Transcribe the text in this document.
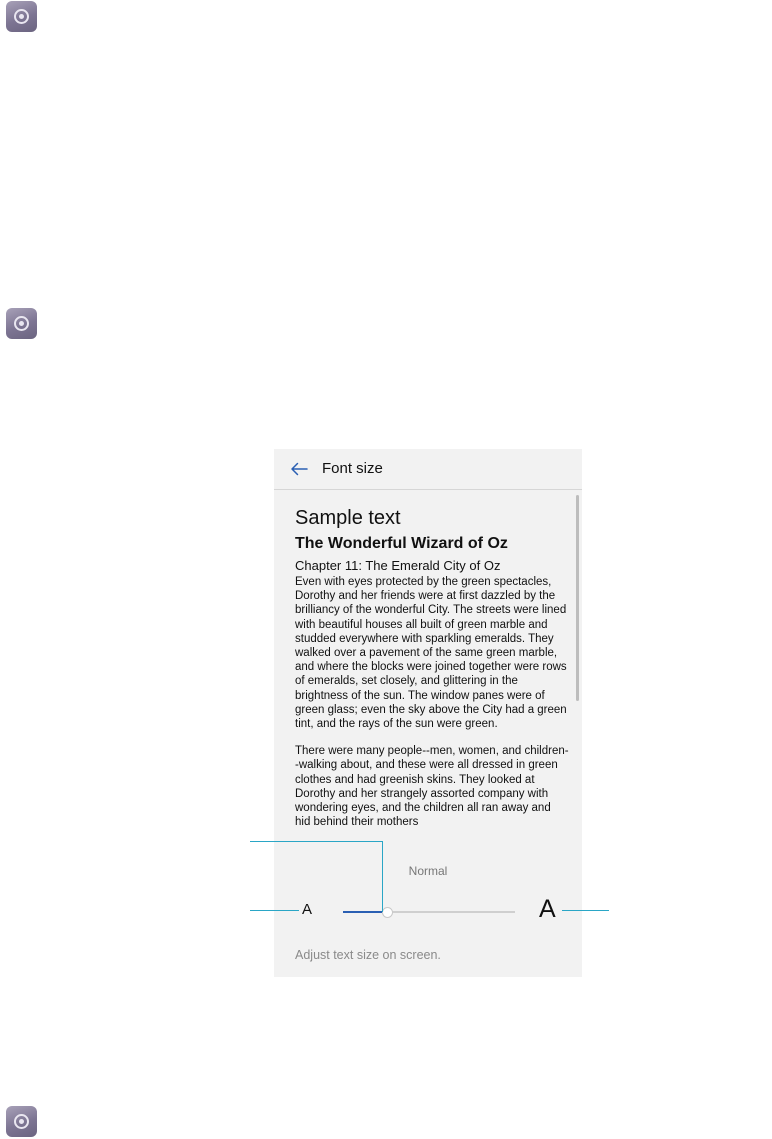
Font size
Sample text
The Wonderful Wizard of Oz
Chapter 11: The Emerald City of Oz

Even with eyes protected by the green spectacles, Dorothy and her friends were at first dazzled by the brilliancy of the wonderful City. The streets were lined with beautiful houses all built of green marble and studded everywhere with sparkling emeralds. They walked over a pavement of the same green marble, and where the blocks were joined together were rows of emeralds, set closely, and glittering in the brightness of the sun. The window panes were of green glass; even the sky above the City had a green tint, and the rays of the sun were green.

There were many people--men, women, and children--walking about, and these were all dressed in green clothes and had greenish skins. They looked at Dorothy and her strangely assorted company with wondering eyes, and the children all ran away and hid behind their mothers

Normal
A	A
Adjust text size on screen.
